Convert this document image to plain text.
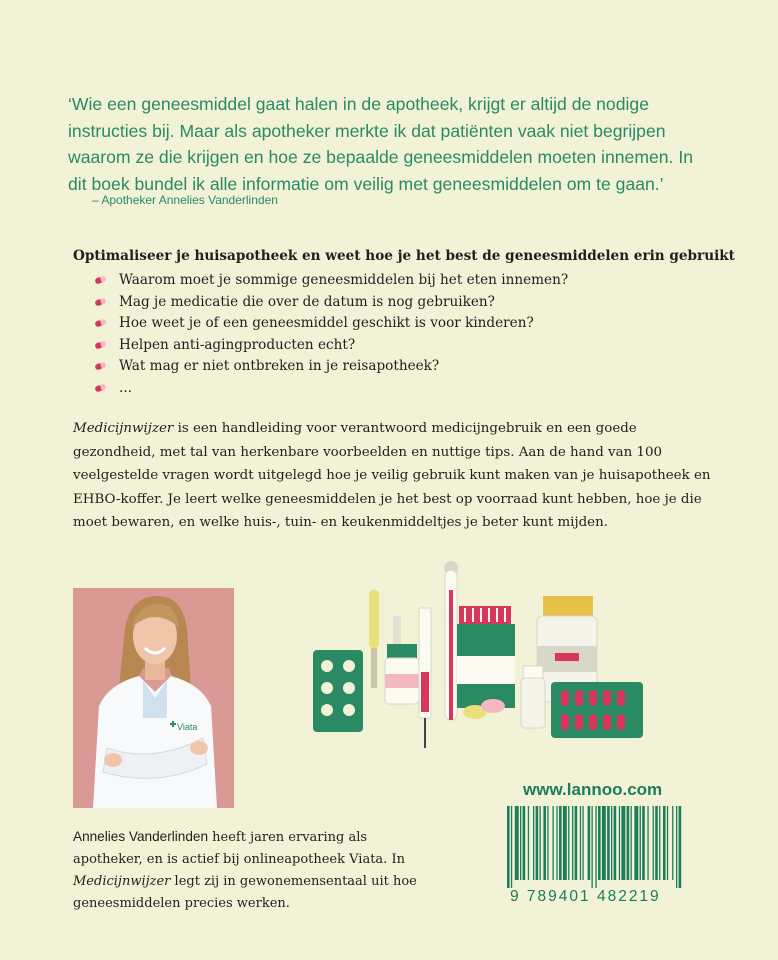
‘Wie een geneesmiddel gaat halen in de apotheek, krijgt er altijd de nodige instructies bij. Maar als apotheker merkte ik dat patiënten vaak niet begrijpen waarom ze die krijgen en hoe ze bepaalde geneesmiddelen moeten innemen. In dit boek bundel ik alle informatie om veilig met geneesmiddelen om te gaan.’

– Apotheker Annelies Vanderlinden
Optimaliseer je huisapotheek en weet hoe je het best de geneesmiddelen erin gebruikt
Waarom moet je sommige geneesmiddelen bij het eten innemen?
Mag je medicatie die over de datum is nog gebruiken?
Hoe weet je of een geneesmiddel geschikt is voor kinderen?
Helpen anti-agingproducten echt?
Wat mag er niet ontbreken in je reisapotheek?
...

Medicijnwijzer is een handleiding voor verantwoord medicijngebruik en een goede gezondheid, met tal van herkenbare voorbeelden en nuttige tips. Aan de hand van 100 veelgestelde vragen wordt uitgelegd hoe je veilig gebruik kunt maken van je huisapotheek en EHBO-koffer. Je leert welke geneesmiddelen je het best op voorraad kunt hebben, hoe je die moet bewaren, en welke huis-, tuin- en keukenmiddeltjes je beter kunt mijden.

Viata

Annelies Vanderlinden heeft jaren ervaring als apotheker, en is actief bij onlineapotheek Viata. In Medicijnwijzer legt zij in gewonemensentaal uit hoe geneesmiddelen precies werken.

www.lannoo.com
9 789401 482219
